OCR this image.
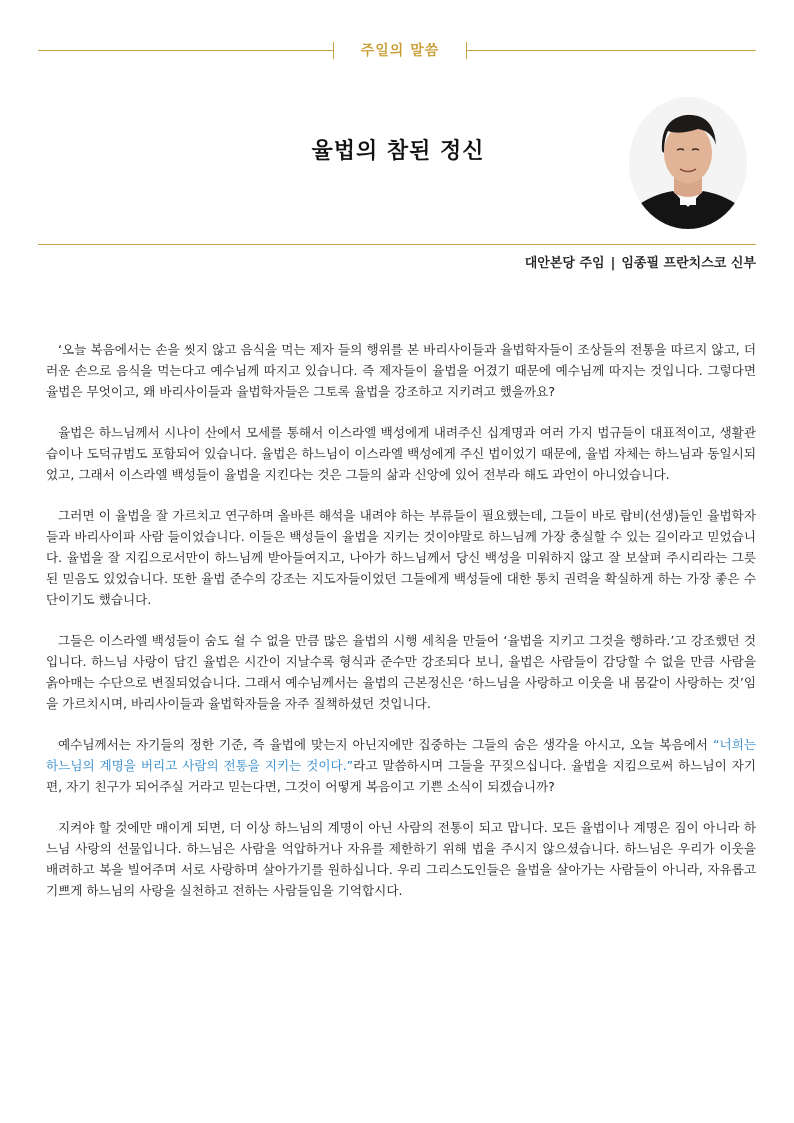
주일의 말씀
율법의 참된 정신
대안본당 주임 | 임종필 프란치스코 신부

‘오늘 복음에서는 손을 씻지 않고 음식을 먹는 제자 들의 행위를 본 바리사이들과 율법학자들이 조상들의 전통을 따르지 않고, 더러운 손으로 음식을 먹는다고 예수님께 따지고 있습니다. 즉 제자들이 율법을 어겼기 때문에 예수님께 따지는 것입니다. 그렇다면 율법은 무엇이고, 왜 바리사이들과 율법학자들은 그토록 율법을 강조하고 지키려고 했을까요?

율법은 하느님께서 시나이 산에서 모세를 통해서 이스라엘 백성에게 내려주신 십계명과 여러 가지 법규들이 대표적이고, 생활관습이나 도덕규범도 포함되어 있습니다. 율법은 하느님이 이스라엘 백성에게 주신 법이었기 때문에, 율법 자체는 하느님과 동일시되었고, 그래서 이스라엘 백성들이 율법을 지킨다는 것은 그들의 삶과 신앙에 있어 전부라 해도 과언이 아니었습니다.

그러면 이 율법을 잘 가르치고 연구하며 올바른 해석을 내려야 하는 부류들이 필요했는데, 그들이 바로 랍비(선생)들인 율법학자들과 바리사이파 사람 들이었습니다. 이들은 백성들이 율법을 지키는 것이야말로 하느님께 가장 충실할 수 있는 길이라고 믿었습니다. 율법을 잘 지킴으로서만이 하느님께 받아들여지고, 나아가 하느님께서 당신 백성을 미워하지 않고 잘 보살펴 주시리라는 그릇된 믿음도 있었습니다. 또한 율법 준수의 강조는 지도자들이었던 그들에게 백성들에 대한 통치 권력을 확실하게 하는 가장 좋은 수단이기도 했습니다.

그들은 이스라엘 백성들이 숨도 쉴 수 없을 만큼 많은 율법의 시행 세칙을 만들어 ‘율법을 지키고 그것을 행하라.’고 강조했던 것입니다. 하느님 사랑이 담긴 율법은 시간이 지날수록 형식과 준수만 강조되다 보니, 율법은 사람들이 감당할 수 없을 만큼 사람을 옭아매는 수단으로 변질되었습니다. 그래서 예수님께서는 율법의 근본정신은 ‘하느님을 사랑하고 이웃을 내 몸같이 사랑하는 것’임을 가르치시며, 바리사이들과 율법학자들을 자주 질책하셨던 것입니다.

예수님께서는 자기들의 정한 기준, 즉 율법에 맞는지 아닌지에만 집중하는 그들의 숨은 생각을 아시고, 오늘 복음에서 “너희는 하느님의 계명을 버리고 사람의 전통을 지키는 것이다.”라고 말씀하시며 그들을 꾸짖으십니다. 율법을 지킴으로써 하느님이 자기 편, 자기 친구가 되어주실 거라고 믿는다면, 그것이 어떻게 복음이고 기쁜 소식이 되겠습니까?

지켜야 할 것에만 매이게 되면, 더 이상 하느님의 계명이 아닌 사람의 전통이 되고 맙니다. 모든 율법이나 계명은 짐이 아니라 하느님 사랑의 선물입니다. 하느님은 사람을 억압하거나 자유를 제한하기 위해 법을 주시지 않으셨습니다. 하느님은 우리가 이웃을 배려하고 복을 빌어주며 서로 사랑하며 살아가기를 원하십니다. 우리 그리스도인들은 율법을 살아가는 사람들이 아니라, 자유롭고 기쁘게 하느님의 사랑을 실천하고 전하는 사람들임을 기억합시다.
